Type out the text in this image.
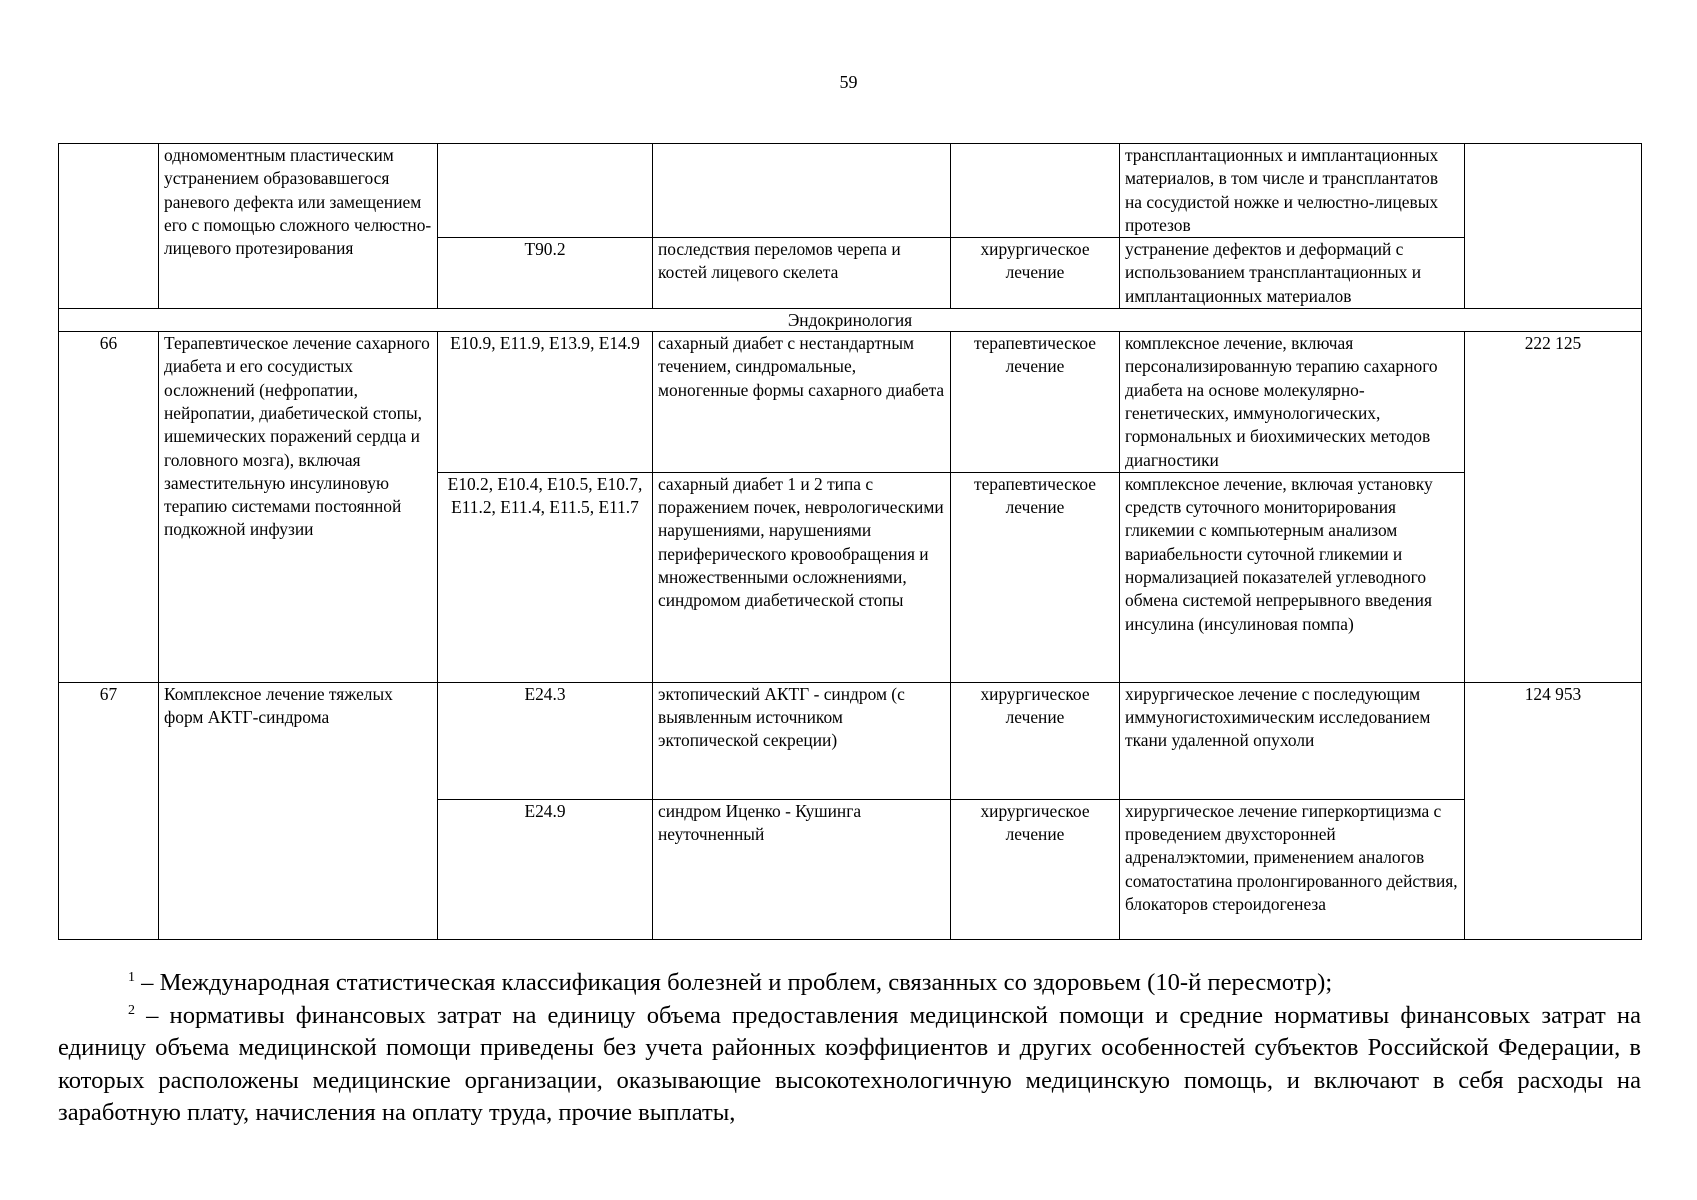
59
	одномоментным пластическим устранением образовавшегося раневого дефекта или замещением его с помощью сложного челюстно-лицевого протезирования				трансплантационных и имплантационных материалов, в том числе и трансплантатов на сосудистой ножке и челюстно-лицевых протезов	
		T90.2	последствия переломов черепа и костей лицевого скелета	хирургическое лечение	устранение дефектов и деформаций с использованием трансплантационных и имплантационных материалов	
Эндокринология						
66	Терапевтическое лечение сахарного диабета и его сосудистых осложнений (нефропатии, нейропатии, диабетической стопы, ишемических поражений сердца и головного мозга), включая заместительную инсулиновую терапию системами постоянной подкожной инфузии	E10.9, E11.9, E13.9, E14.9	сахарный диабет с нестандартным течением, синдромальные, моногенные формы сахарного диабета	терапевтическое лечение	комплексное лечение, включая персонализированную терапию сахарного диабета на основе молекулярно-генетических, иммунологических, гормональных и биохимических методов диагностики	222 125
		E10.2, E10.4, E10.5, E10.7, E11.2, E11.4, E11.5, E11.7	сахарный диабет 1 и 2 типа с поражением почек, неврологическими нарушениями, нарушениями периферического кровообращения и множественными осложнениями, синдромом диабетической стопы	терапевтическое лечение	комплексное лечение, включая установку средств суточного мониторирования гликемии с компьютерным анализом вариабельности суточной гликемии и нормализацией показателей углеводного обмена системой непрерывного введения инсулина (инсулиновая помпа)	
67	Комплексное лечение тяжелых форм АКТГ-синдрома	E24.3	эктопический АКТГ - синдром (с выявленным источником эктопической секреции)	хирургическое лечение	хирургическое лечение с последующим иммуногистохимическим исследованием ткани удаленной опухоли	124 953
		E24.9	синдром Иценко - Кушинга неуточненный	хирургическое лечение	хирургическое лечение гиперкортицизма с проведением двухсторонней адреналэктомии, применением аналогов соматостатина пролонгированного действия, блокаторов стероидогенеза	
$^1$ – Международная статистическая классификация болезней и проблем, связанных со здоровьем (10-й пересмотр);
$^2$ – нормативы финансовых затрат на единицу объема предоставления медицинской помощи и средние нормативы финансовых затрат на единицу объема медицинской помощи приведены без учета районных коэффициентов и других особенностей субъектов Российской Федерации, в которых расположены медицинские организации, оказывающие высокотехнологичную медицинскую помощь, и включают в себя расходы на заработную плату, начисления на оплату труда, прочие выплаты,
